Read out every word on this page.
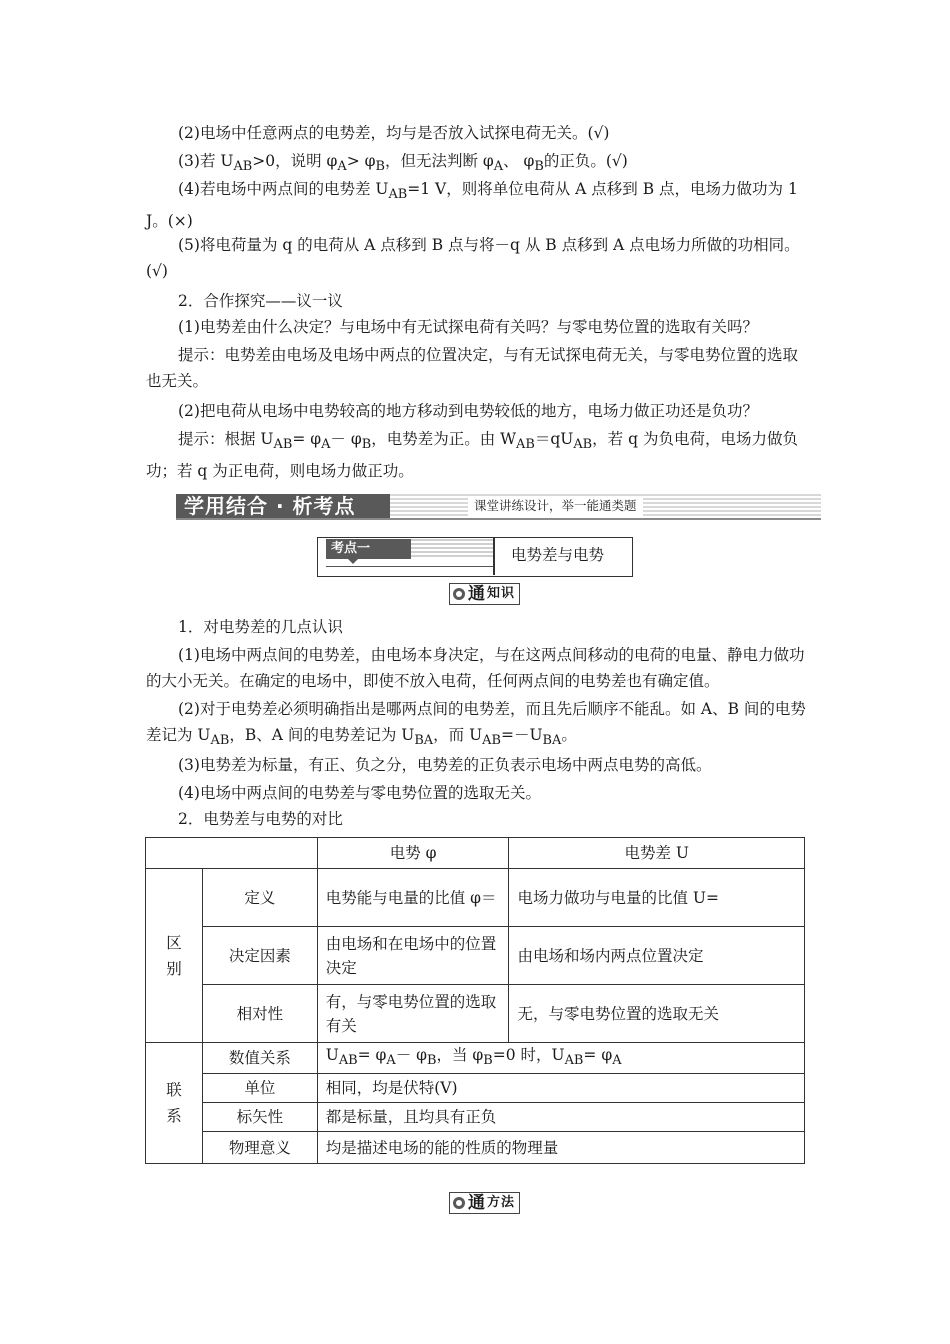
(2)电场中任意两点的电势差，均与是否放入试探电荷无关。(√)

(3)若 $U_{AB}>0$，说明 $\varphi_A> \varphi_B$，但无法判断 $\varphi_A$、 $\varphi_B$的正负。(√)

(4)若电场中两点间的电势差 $U_{AB}=1$ V，则将单位电荷从 A 点移到 B 点，电场力做功为 1 J。(×)

(5)将电荷量为 q 的电荷从 A 点移到 B 点与将－q 从 B 点移到 A 点电场力所做的功相同。(√)

2．合作探究——议一议

(1)电势差由什么决定？与电场中有无试探电荷有关吗？与零电势位置的选取有关吗？

提示：电势差由电场及电场中两点的位置决定，与有无试探电荷无关，与零电势位置的选取也无关。

(2)把电荷从电场中电势较高的地方移动到电势较低的地方，电场力做正功还是负功？

提示：根据 $U_{AB}= \varphi_A- \varphi_B$，电势差为正。由 $W_{AB}=qU_{AB}$，若 q 为负电荷，电场力做负功；若 q 为正电荷，则电场力做正功。

学用结合 · 析考点	课堂讲练设计，举一能通类题
考点一	电势差与电势
通 知识

1．对电势差的几点认识

(1)电场中两点间的电势差，由电场本身决定，与在这两点间移动的电荷的电量、静电力做功的大小无关。在确定的电场中，即使不放入电荷，任何两点间的电势差也有确定值。

(2)对于电势差必须明确指出是哪两点间的电势差，而且先后顺序不能乱。如 A、B 间的电势差记为 $U_{AB}$，B、A 间的电势差记为 $U_{BA}$，而 $U_{AB}=-U_{BA}$。

(3)电势差为标量，有正、负之分，电势差的正负表示电场中两点电势的高低。

(4)电场中两点间的电势差与零电势位置的选取无关。

2．电势差与电势的对比

		电势 φ	电势差 U

区
别	定义	电势能与电量的比值 φ＝	电场力做功与电量的比值 U=
	决定因素	由电场和在电场中的位置决定	由电场和场内两点位置决定
	相对性	有，与零电势位置的选取有关	无，与零电势位置的选取无关

联
系	数值关系	$U_{AB}= \varphi_A- \varphi_B$，当 $\varphi_B=0$ 时，$U_{AB}= \varphi_A$
	单位	相同，均是伏特(V)	
	标矢性	都是标量，且均具有正负	
	物理意义	均是描述电场的能的性质的物理量	
通 方法
